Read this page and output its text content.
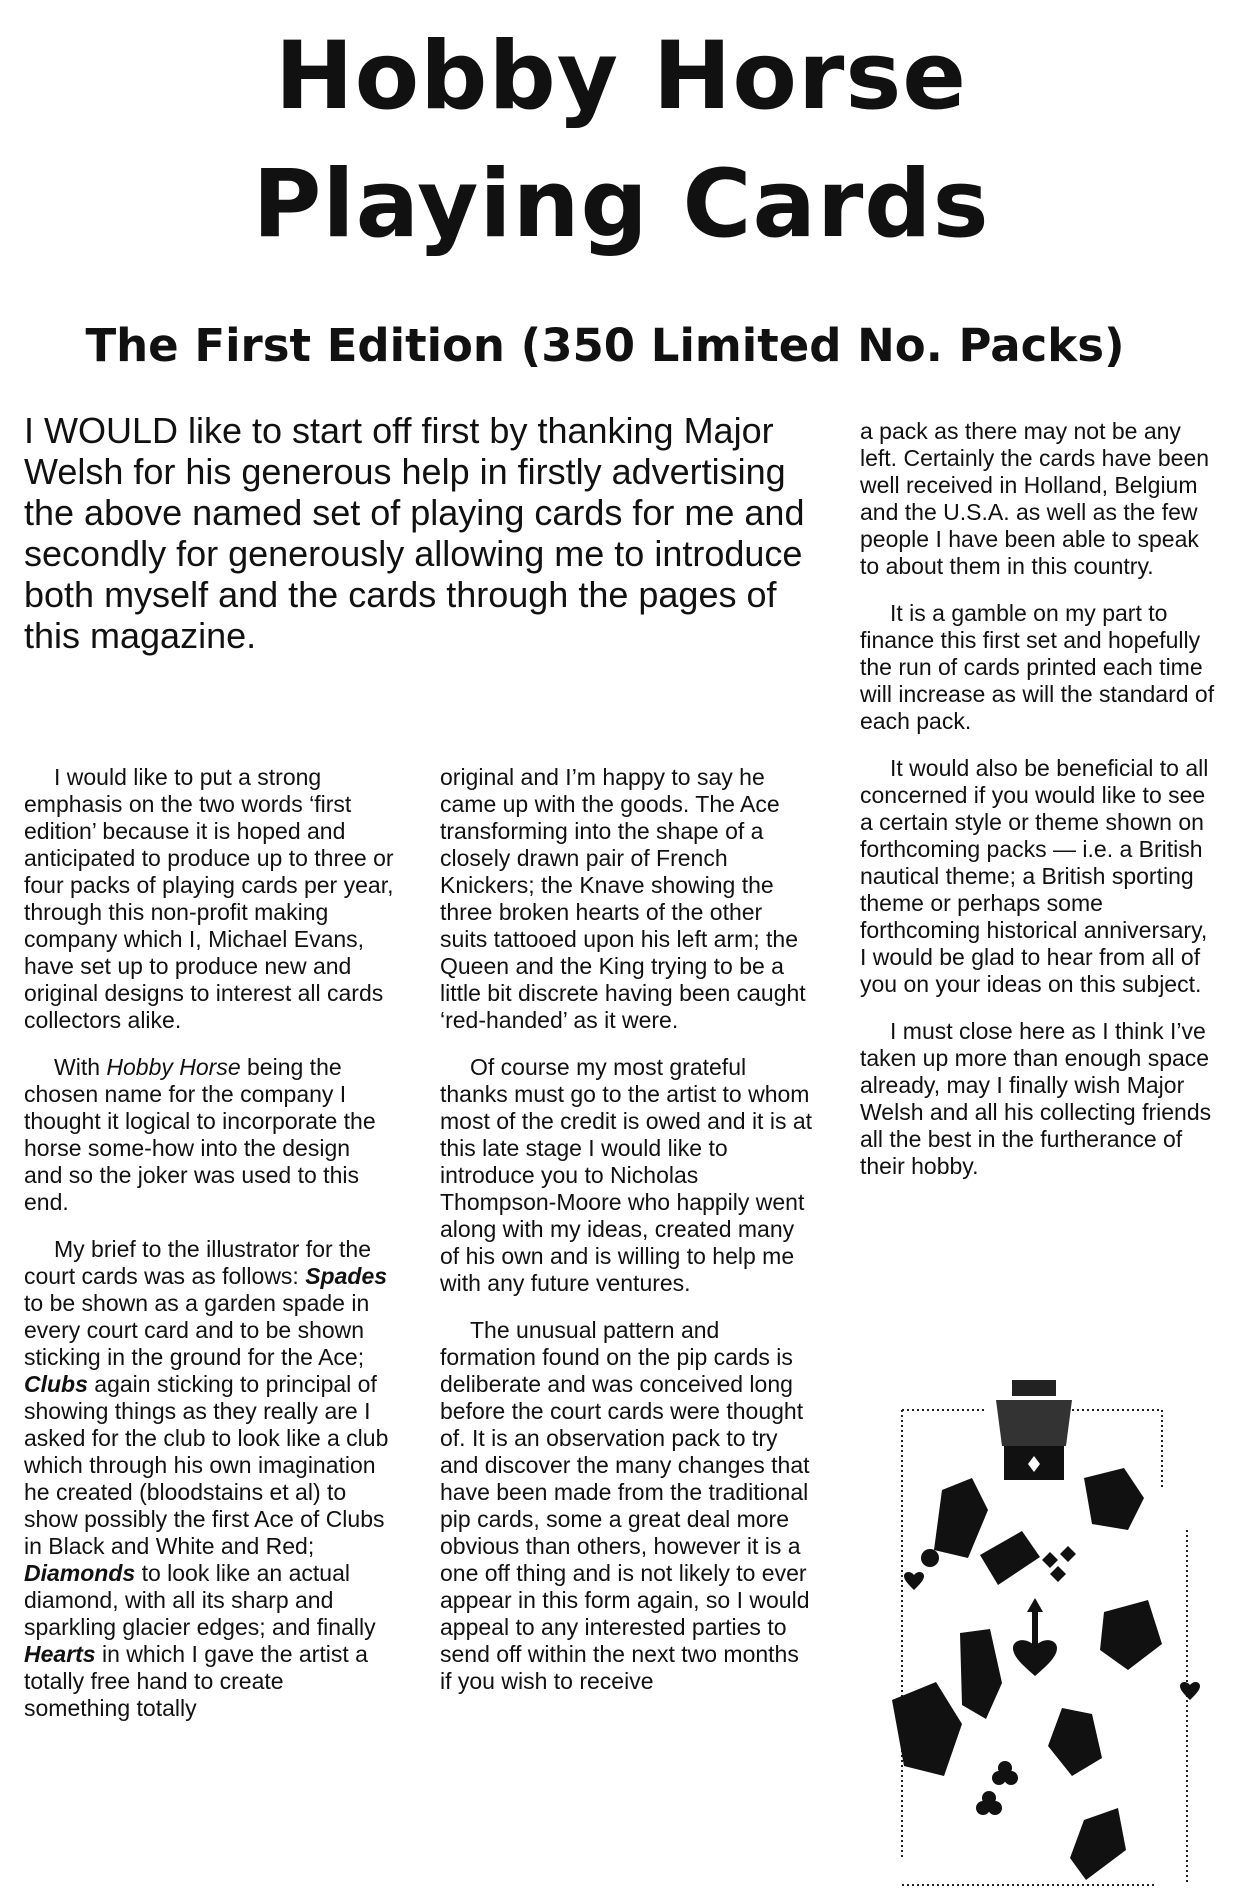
Hobby Horse
Playing Cards
The First Edition (350 Limited No. Packs)

I WOULD like to start off first by thanking Major Welsh for his generous help in firstly advertising the above named set of playing cards for me and secondly for generously allowing me to introduce both myself and the cards through the pages of this magazine.

I would like to put a strong emphasis on the two words ‘first edition’ because it is hoped and anticipated to produce up to three or four packs of playing cards per year, through this non-profit making company which I, Michael Evans, have set up to produce new and original designs to interest all cards collectors alike.

With Hobby Horse being the chosen name for the company I thought it logical to incorporate the horse some-how into the design and so the joker was used to this end.

My brief to the illustrator for the court cards was as follows: Spades to be shown as a garden spade in every court card and to be shown sticking in the ground for the Ace; Clubs again sticking to principal of showing things as they really are I asked for the club to look like a club which through his own imagination he created (bloodstains et al) to show possibly the first Ace of Clubs in Black and White and Red; Diamonds to look like an actual diamond, with all its sharp and sparkling glacier edges; and finally Hearts in which I gave the artist a totally free hand to create something totally

original and I’m happy to say he came up with the goods. The Ace transforming into the shape of a closely drawn pair of French Knickers; the Knave showing the three broken hearts of the other suits tattooed upon his left arm; the Queen and the King trying to be a little bit discrete having been caught ‘red-handed’ as it were.

Of course my most grateful thanks must go to the artist to whom most of the credit is owed and it is at this late stage I would like to introduce you to Nicholas Thompson-Moore who happily went along with my ideas, created many of his own and is willing to help me with any future ventures.

The unusual pattern and formation found on the pip cards is deliberate and was conceived long before the court cards were thought of. It is an observation pack to try and discover the many changes that have been made from the traditional pip cards, some a great deal more obvious than others, however it is a one off thing and is not likely to ever appear in this form again, so I would appeal to any interested parties to send off within the next two months if you wish to receive

a pack as there may not be any left. Certainly the cards have been well received in Holland, Belgium and the U.S.A. as well as the few people I have been able to speak to about them in this country.

It is a gamble on my part to finance this first set and hopefully the run of cards printed each time will increase as will the standard of each pack.

It would also be beneficial to all concerned if you would like to see a certain style or theme shown on forthcoming packs — i.e. a British nautical theme; a British sporting theme or perhaps some forthcoming historical anniversary, I would be glad to hear from all of you on your ideas on this subject.

I must close here as I think I’ve taken up more than enough space already, may I finally wish Major Welsh and all his collecting friends all the best in the furtherance of their hobby.
